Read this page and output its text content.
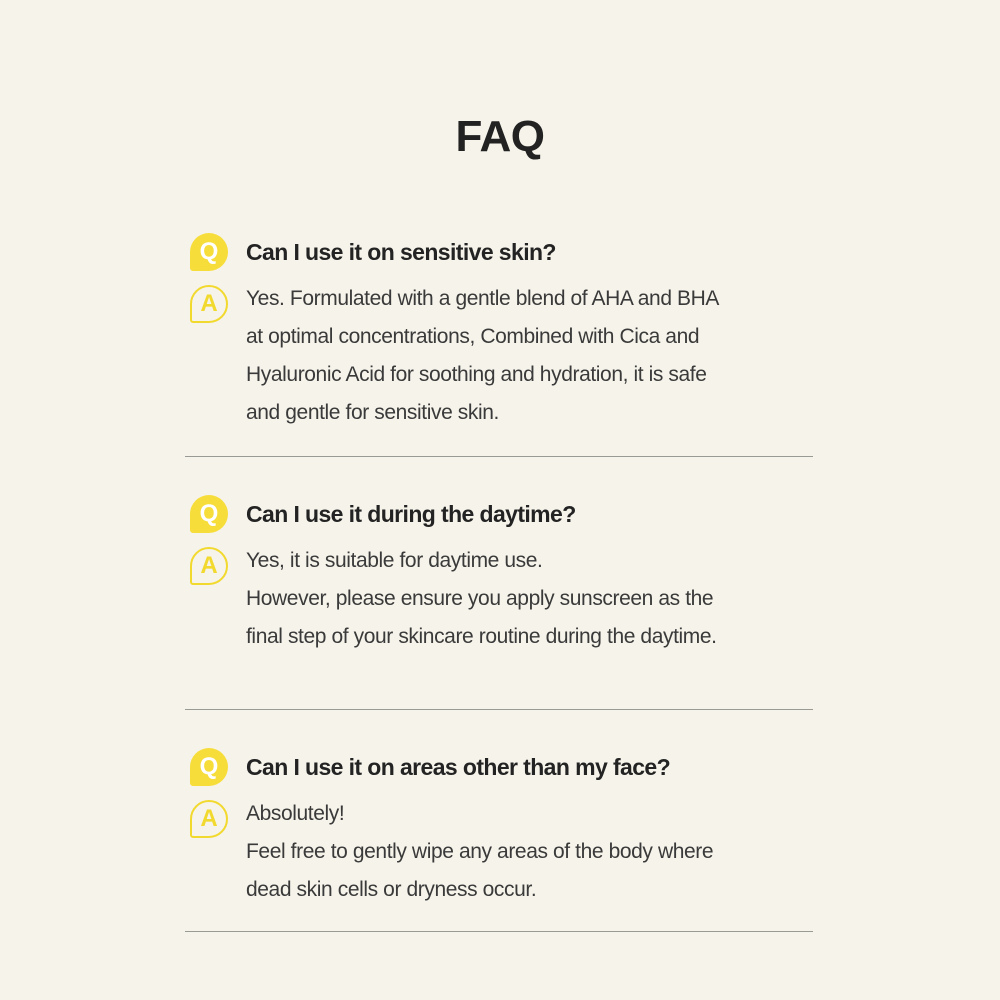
FAQ
Q	Can I use it on sensitive skin?
A	Yes. Formulated with a gentle blend of AHA and BHA
at optimal concentrations, Combined with Cica and
Hyaluronic Acid for soothing and hydration, it is safe
and gentle for sensitive skin.
Q	Can I use it during the daytime?
A	Yes, it is suitable for daytime use.
However, please ensure you apply sunscreen as the
final step of your skincare routine during the daytime.
Q	Can I use it on areas other than my face?
A	Absolutely!
Feel free to gently wipe any areas of the body where
dead skin cells or dryness occur.
